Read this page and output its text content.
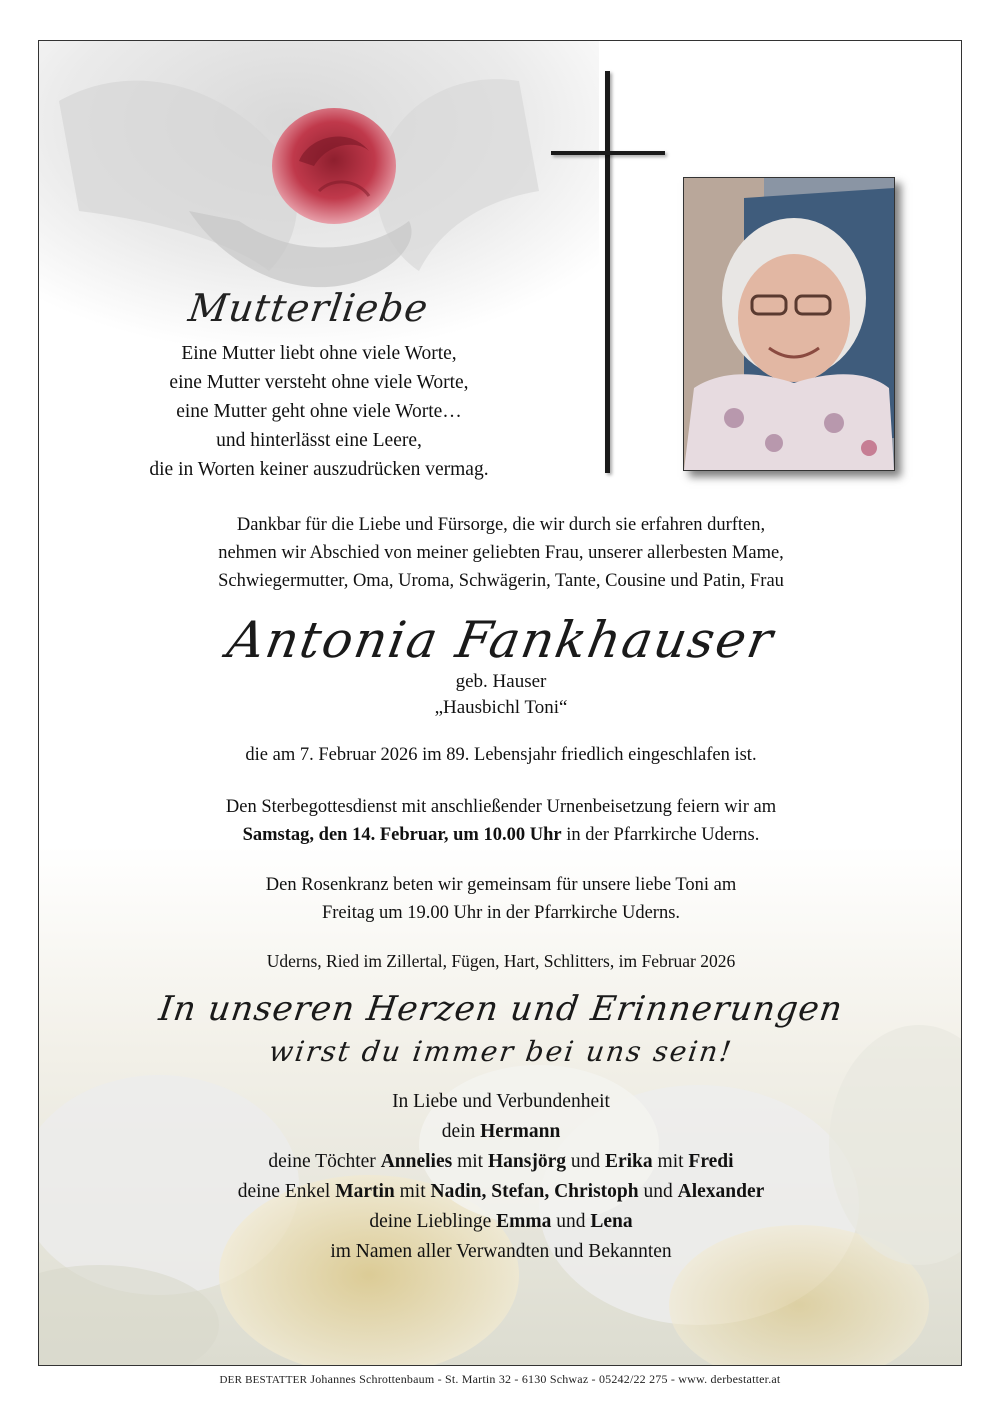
Mutterliebe
Eine Mutter liebt ohne viele Worte,
eine Mutter versteht ohne viele Worte,
eine Mutter geht ohne viele Worte…
und hinterlässt eine Leere,
die in Worten keiner auszudrücken vermag.
Dankbar für die Liebe und Fürsorge, die wir durch sie erfahren durften,
nehmen wir Abschied von meiner geliebten Frau, unserer allerbesten Mame,
Schwiegermutter, Oma, Uroma, Schwägerin, Tante, Cousine und Patin, Frau
Antonia Fankhauser
geb. Hauser
„Hausbichl Toni“
die am 7. Februar 2026 im 89. Lebensjahr friedlich eingeschlafen ist.
Den Sterbegottesdienst mit anschließender Urnenbeisetzung feiern wir am
Samstag, den 14. Februar, um 10.00 Uhr in der Pfarrkirche Uderns.
Den Rosenkranz beten wir gemeinsam für unsere liebe Toni am
Freitag um 19.00 Uhr in der Pfarrkirche Uderns.
Uderns, Ried im Zillertal, Fügen, Hart, Schlitters, im Februar 2026
In unseren Herzen und Erinnerungen
wirst du immer bei uns sein!
In Liebe und Verbundenheit
dein Hermann
deine Töchter Annelies mit Hansjörg und Erika mit Fredi
deine Enkel Martin mit Nadin, Stefan, Christoph und Alexander
deine Lieblinge Emma und Lena
im Namen aller Verwandten und Bekannten
DER BESTATTER Johannes Schrottenbaum - St. Martin 32 - 6130 Schwaz - 05242/22 275 - www. derbestatter.at
